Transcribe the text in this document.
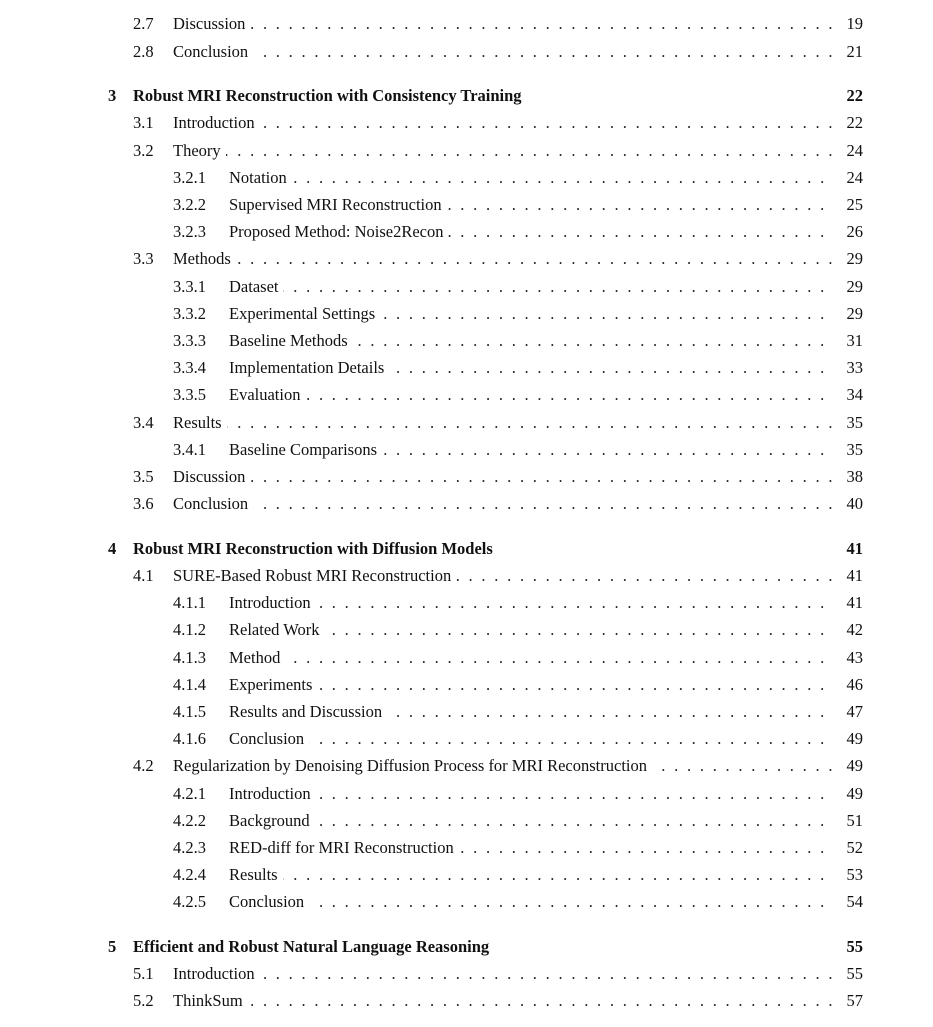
2.7 . . . Discussion	19
2.8 . . . Conclusion	21
3 Robust MRI Reconstruction with Consistency Training	22
3.1 . . . Introduction	22
3.2 . . . Theory	24
3.2.1 . . . Notation	24
3.2.2 . . . Supervised MRI Reconstruction	25
3.2.3 . . . Proposed Method: Noise2Recon	26
3.3 . . . Methods	29
3.3.1 . . . Dataset	29
3.3.2 . . . Experimental Settings	29
3.3.3 . . . Baseline Methods	31
3.3.4 . . . Implementation Details	33
3.3.5 . . . Evaluation	34
3.4 . . . Results	35
3.4.1 . . . Baseline Comparisons	35
3.5 . . . Discussion	38
3.6 . . . Conclusion	40
4 Robust MRI Reconstruction with Diffusion Models	41
4.1 . . . SURE-Based Robust MRI Reconstruction	41
4.1.1 . . . Introduction	41
4.1.2 . . . Related Work	42
4.1.3 . . . Method	43
4.1.4 . . . Experiments	46
4.1.5 . . . Results and Discussion	47
4.1.6 . . . Conclusion	49
4.2 . . . Regularization by Denoising Diffusion Process for MRI Reconstruction	49
4.2.1 . . . Introduction	49
4.2.2 . . . Background	51
4.2.3 . . . RED-diff for MRI Reconstruction	52
4.2.4 . . . Results	53
4.2.5 . . . Conclusion	54
5 Efficient and Robust Natural Language Reasoning	55
5.1 . . . Introduction	55
5.2 . . . ThinkSum	57
